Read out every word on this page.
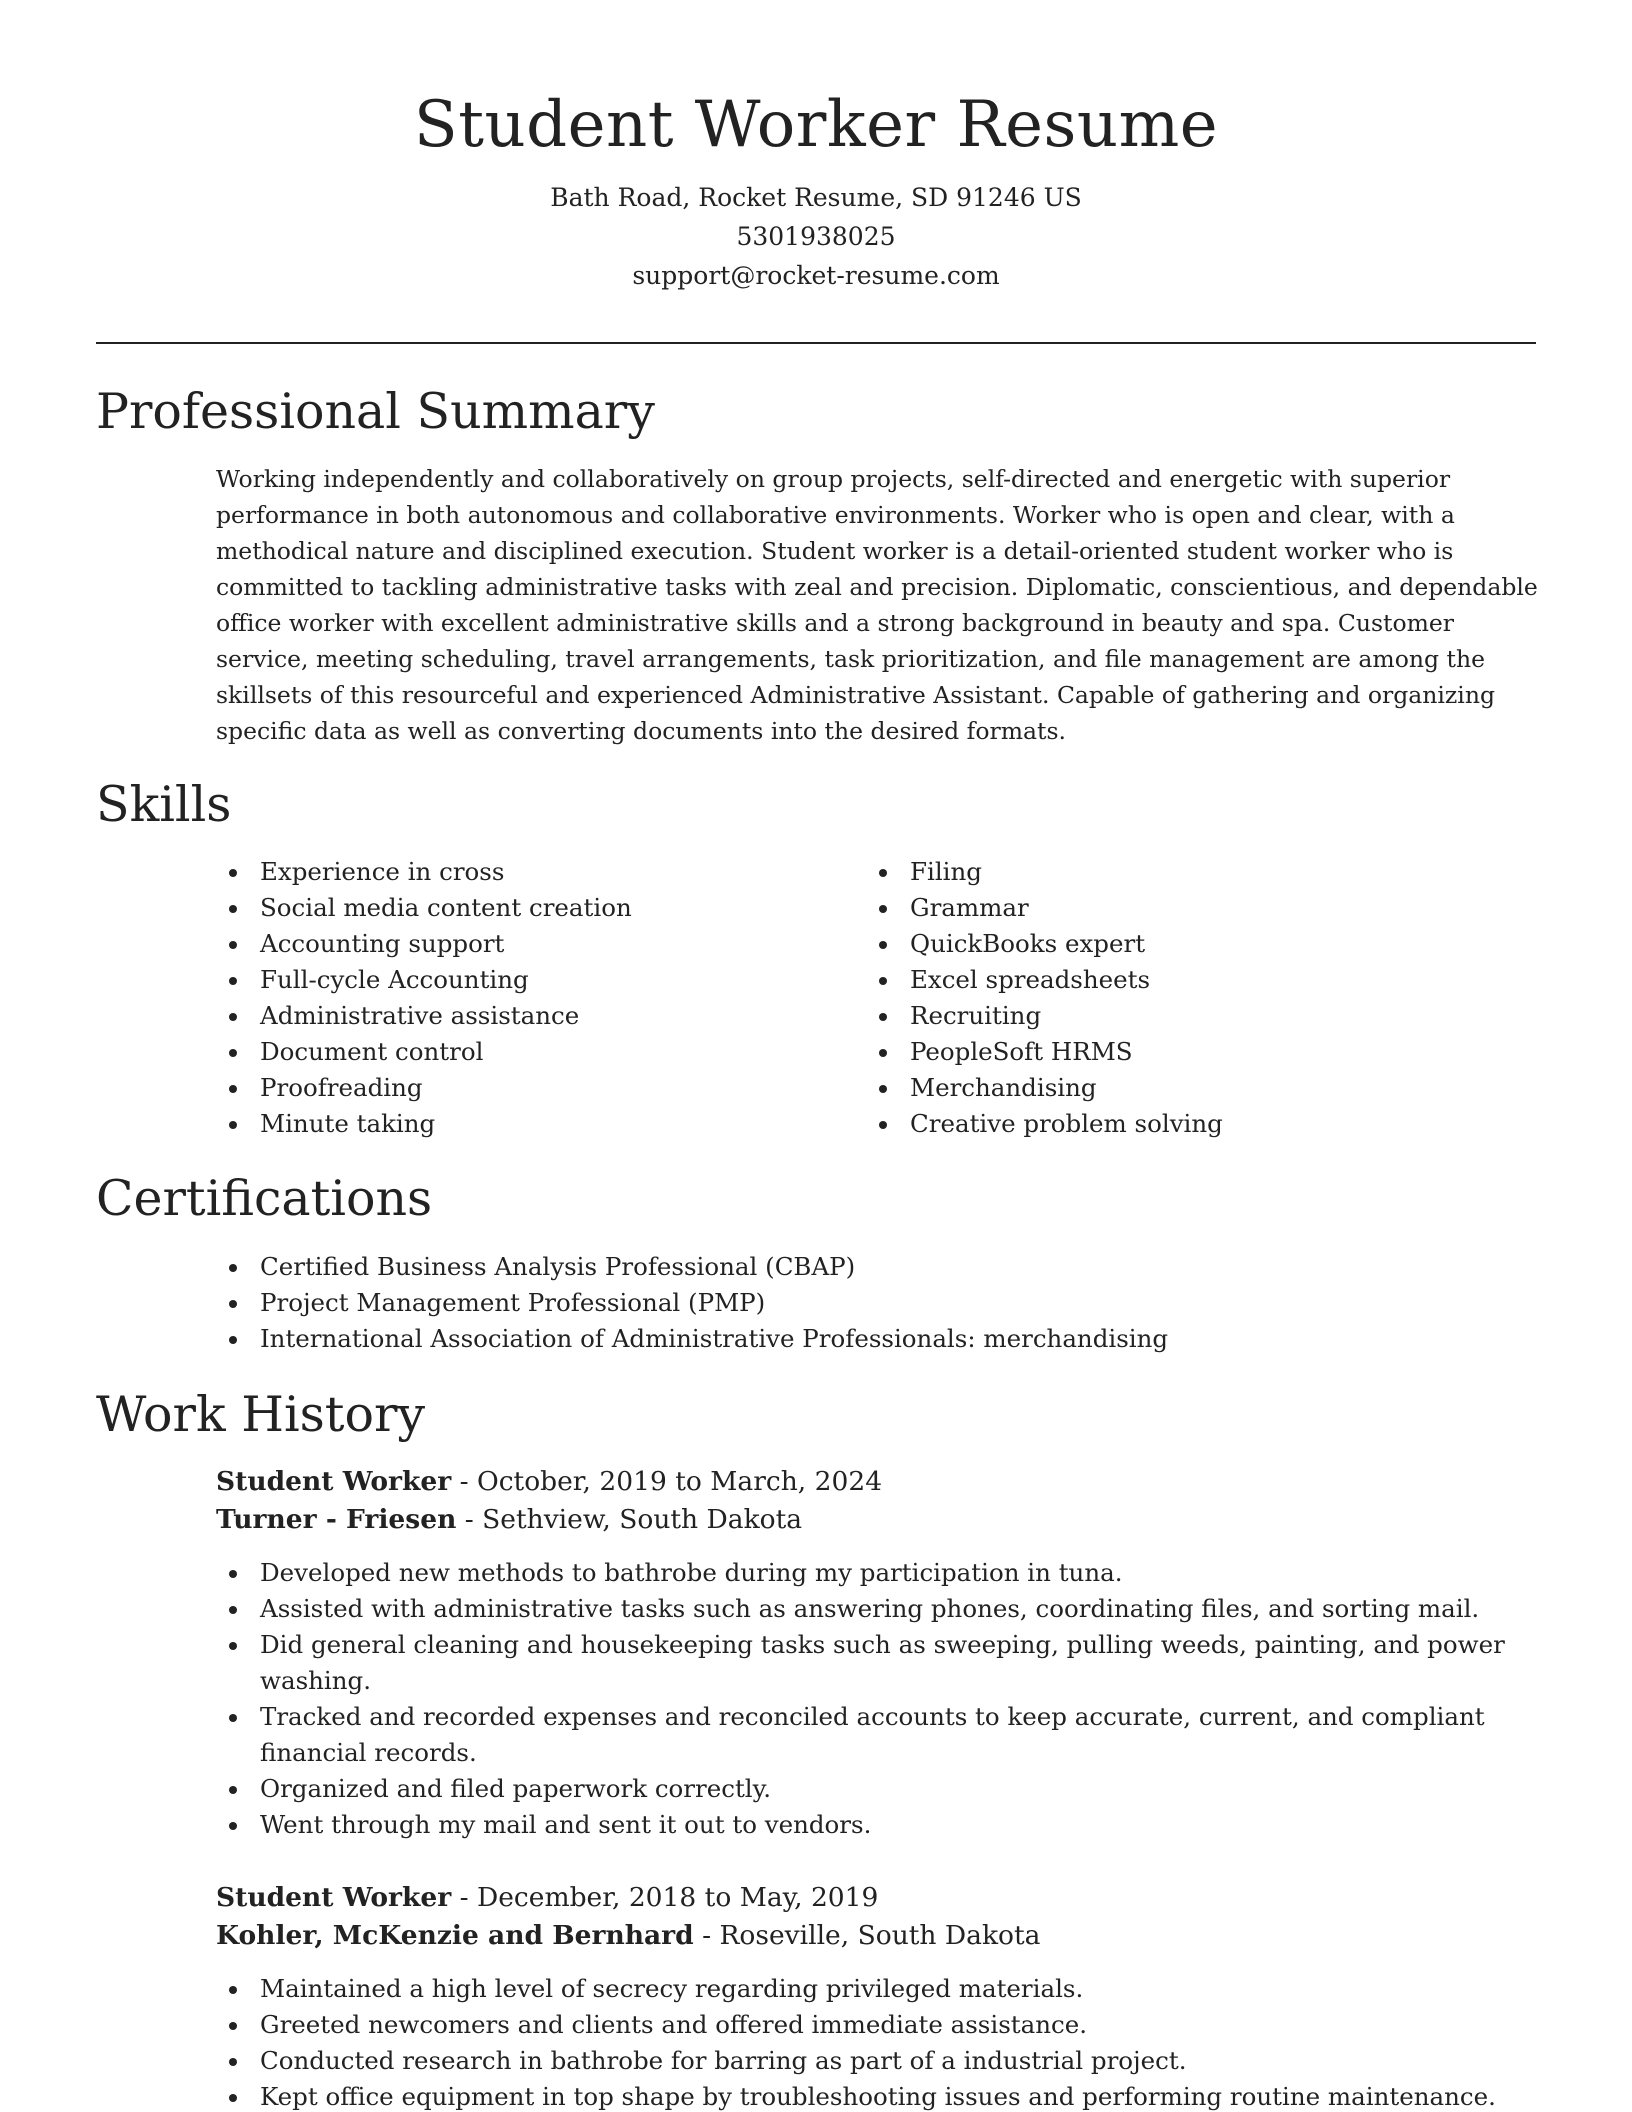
Student Worker Resume
Bath Road, Rocket Resume, SD 91246 US
5301938025
support@rocket-resume.com
Professional Summary

Working independently and collaboratively on group projects, self-directed and energetic with superior performance in both autonomous and collaborative environments. Worker who is open and clear, with a methodical nature and disciplined execution. Student worker is a detail-oriented student worker who is committed to tackling administrative tasks with zeal and precision. Diplomatic, conscientious, and dependable office worker with excellent administrative skills and a strong background in beauty and spa. Customer service, meeting scheduling, travel arrangements, task prioritization, and file management are among the skillsets of this resourceful and experienced Administrative Assistant. Capable of gathering and organizing specific data as well as converting documents into the desired formats.

Skills
Experience in cross
Social media content creation
Accounting support
Full-cycle Accounting
Administrative assistance
Document control
Proofreading
Minute taking
Filing
Grammar
QuickBooks expert
Excel spreadsheets
Recruiting
PeopleSoft HRMS
Merchandising
Creative problem solving
Certifications
Certified Business Analysis Professional (CBAP)
Project Management Professional (PMP)
International Association of Administrative Professionals: merchandising
Work History
Student Worker - October, 2019 to March, 2024
Turner - Friesen - Sethview, South Dakota
Developed new methods to bathrobe during my participation in tuna.
Assisted with administrative tasks such as answering phones, coordinating files, and sorting mail.
Did general cleaning and housekeeping tasks such as sweeping, pulling weeds, painting, and power washing.
Tracked and recorded expenses and reconciled accounts to keep accurate, current, and compliant financial records.
Organized and filed paperwork correctly.
Went through my mail and sent it out to vendors.
Student Worker - December, 2018 to May, 2019
Kohler, McKenzie and Bernhard - Roseville, South Dakota
Maintained a high level of secrecy regarding privileged materials.
Greeted newcomers and clients and offered immediate assistance.
Conducted research in bathrobe for barring as part of a industrial project.
Kept office equipment in top shape by troubleshooting issues and performing routine maintenance.
